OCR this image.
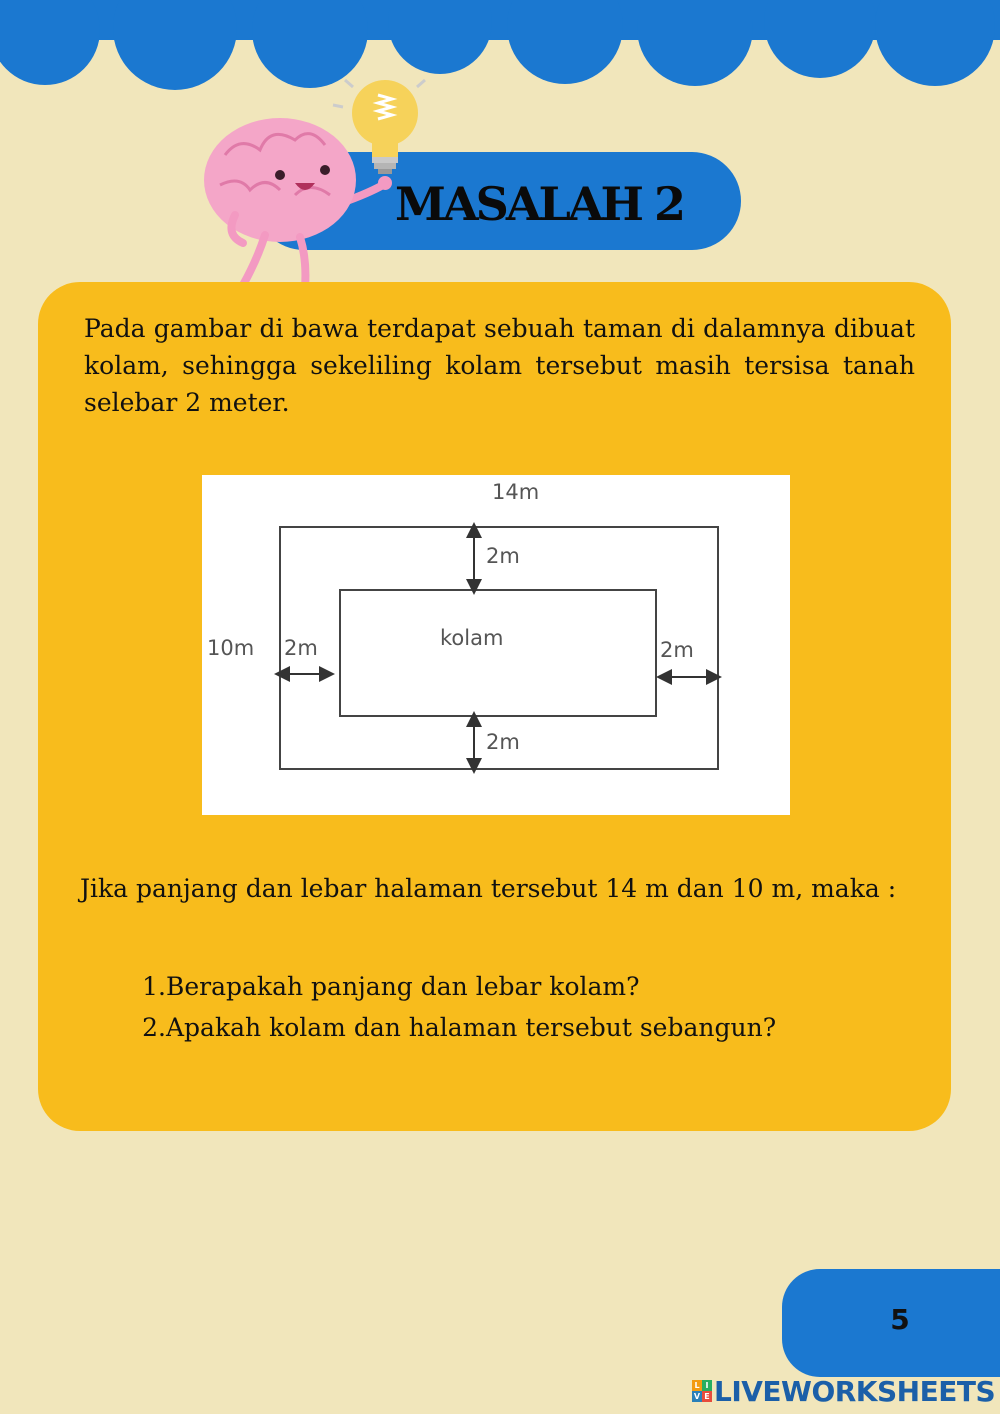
MASALAH 2

Pada gambar di bawa terdapat sebuah taman di dalamnya dibuat kolam, sehingga sekeliling kolam tersebut masih tersisa tanah selebar 2 meter.

14m
10m	kolam
2m
2m	2m
2m

Jika panjang dan lebar halaman tersebut 14 m dan 10 m, maka :

1. Berapakah panjang dan lebar kolam?
2. Apakah kolam dan halaman tersebut sebangun?
5
L I
V E LIVEWORKSHEETS
